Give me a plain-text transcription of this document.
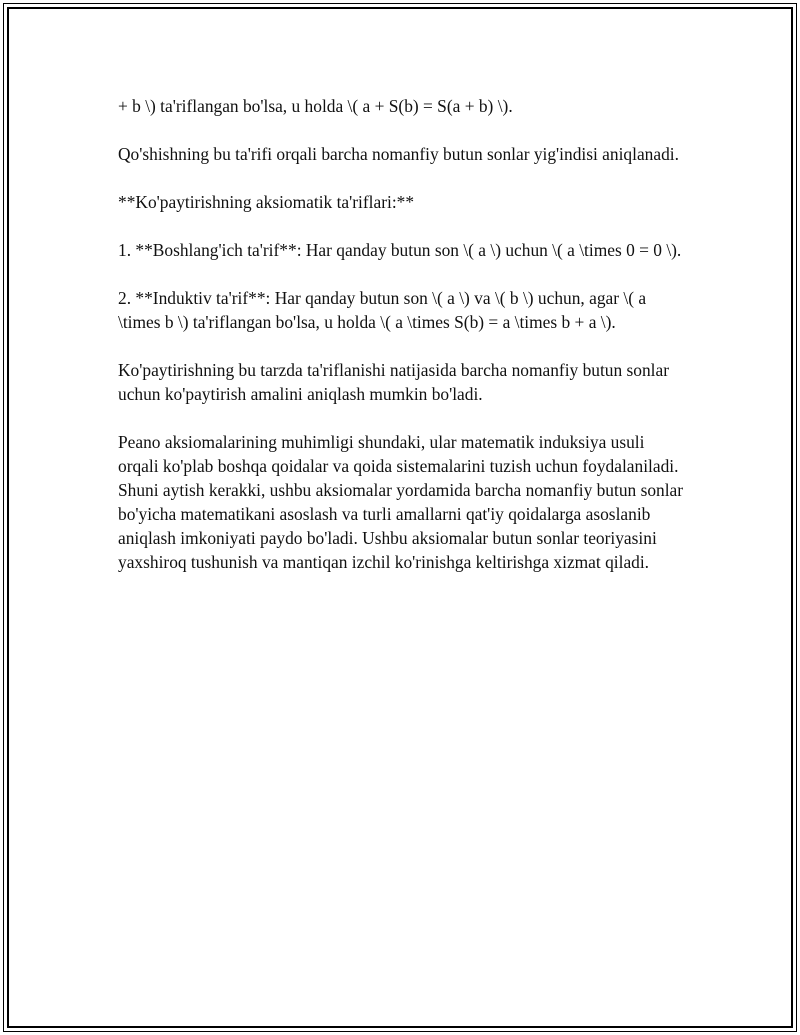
+ b \) ta'riflangan bo'lsa, u holda \( a + S(b) = S(a + b) \).

Qo'shishning bu ta'rifi orqali barcha nomanfiy butun sonlar yig'indisi aniqlanadi.

**Ko'paytirishning aksiomatik ta'riflari:**

1. **Boshlang'ich ta'rif**: Har qanday butun son \( a \) uchun \( a \times 0 = 0 \).

2. **Induktiv ta'rif**: Har qanday butun son \( a \) va \( b \) uchun, agar \( a \times b \) ta'riflangan bo'lsa, u holda \( a \times S(b) = a \times b + a \).

Ko'paytirishning bu tarzda ta'riflanishi natijasida barcha nomanfiy butun sonlar uchun ko'paytirish amalini aniqlash mumkin bo'ladi.

Peano aksiomalarining muhimligi shundaki, ular matematik induksiya usuli orqali ko'plab boshqa qoidalar va qoida sistemalarini tuzish uchun foydalaniladi. Shuni aytish kerakki, ushbu aksiomalar yordamida barcha nomanfiy butun sonlar bo'yicha matematikani asoslash va turli amallarni qat'iy qoidalarga asoslanib aniqlash imkoniyati paydo bo'ladi. Ushbu aksiomalar butun sonlar teoriyasini yaxshiroq tushunish va mantiqan izchil ko'rinishga keltirishga xizmat qiladi.
